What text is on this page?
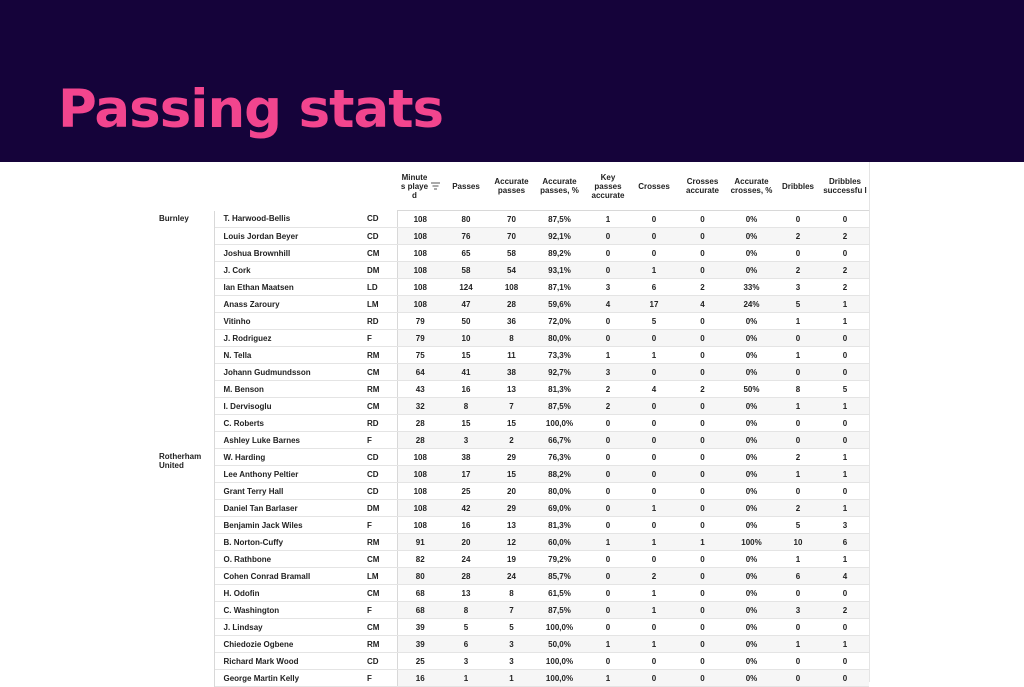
Passing stats

			Minute s playe d	Passes	Accurate passes	Accurate passes, %	Key passes accurate	Crosses	Crosses accurate	Accurate crosses, %	Dribbles	Dribbles successfu l
Burnley	T. Harwood-Bellis	CD	108	80	70	87,5%	1	0	0	0%	0	0
	Louis Jordan Beyer	CD	108	76	70	92,1%	0	0	0	0%	2	2
	Joshua Brownhill	CM	108	65	58	89,2%	0	0	0	0%	0	0
	J. Cork	DM	108	58	54	93,1%	0	1	0	0%	2	2
	Ian Ethan Maatsen	LD	108	124	108	87,1%	3	6	2	33%	3	2
	Anass Zaroury	LM	108	47	28	59,6%	4	17	4	24%	5	1
	Vitinho	RD	79	50	36	72,0%	0	5	0	0%	1	1
	J. Rodriguez	F	79	10	8	80,0%	0	0	0	0%	0	0
	N. Tella	RM	75	15	11	73,3%	1	1	0	0%	1	0
	Johann Gudmundsson	CM	64	41	38	92,7%	3	0	0	0%	0	0
	M. Benson	RM	43	16	13	81,3%	2	4	2	50%	8	5
	I. Dervisoglu	CM	32	8	7	87,5%	2	0	0	0%	1	1
	C. Roberts	RD	28	15	15	100,0%	0	0	0	0%	0	0
	Ashley Luke Barnes	F	28	3	2	66,7%	0	0	0	0%	0	0
Rotherham United	W. Harding	CD	108	38	29	76,3%	0	0	0	0%	2	1
	Lee Anthony Peltier	CD	108	17	15	88,2%	0	0	0	0%	1	1
	Grant Terry Hall	CD	108	25	20	80,0%	0	0	0	0%	0	0
	Daniel Tan Barlaser	DM	108	42	29	69,0%	0	1	0	0%	2	1
	Benjamin Jack Wiles	F	108	16	13	81,3%	0	0	0	0%	5	3
	B. Norton-Cuffy	RM	91	20	12	60,0%	1	1	1	100%	10	6
	O. Rathbone	CM	82	24	19	79,2%	0	0	0	0%	1	1
	Cohen Conrad Bramall	LM	80	28	24	85,7%	0	2	0	0%	6	4
	H. Odofin	CM	68	13	8	61,5%	0	1	0	0%	0	0
	C. Washington	F	68	8	7	87,5%	0	1	0	0%	3	2
	J. Lindsay	CM	39	5	5	100,0%	0	0	0	0%	0	0
	Chiedozie Ogbene	RM	39	6	3	50,0%	1	1	0	0%	1	1
	Richard Mark Wood	CD	25	3	3	100,0%	0	0	0	0%	0	0
	George Martin Kelly	F	16	1	1	100,0%	1	0	0	0%	0	0
